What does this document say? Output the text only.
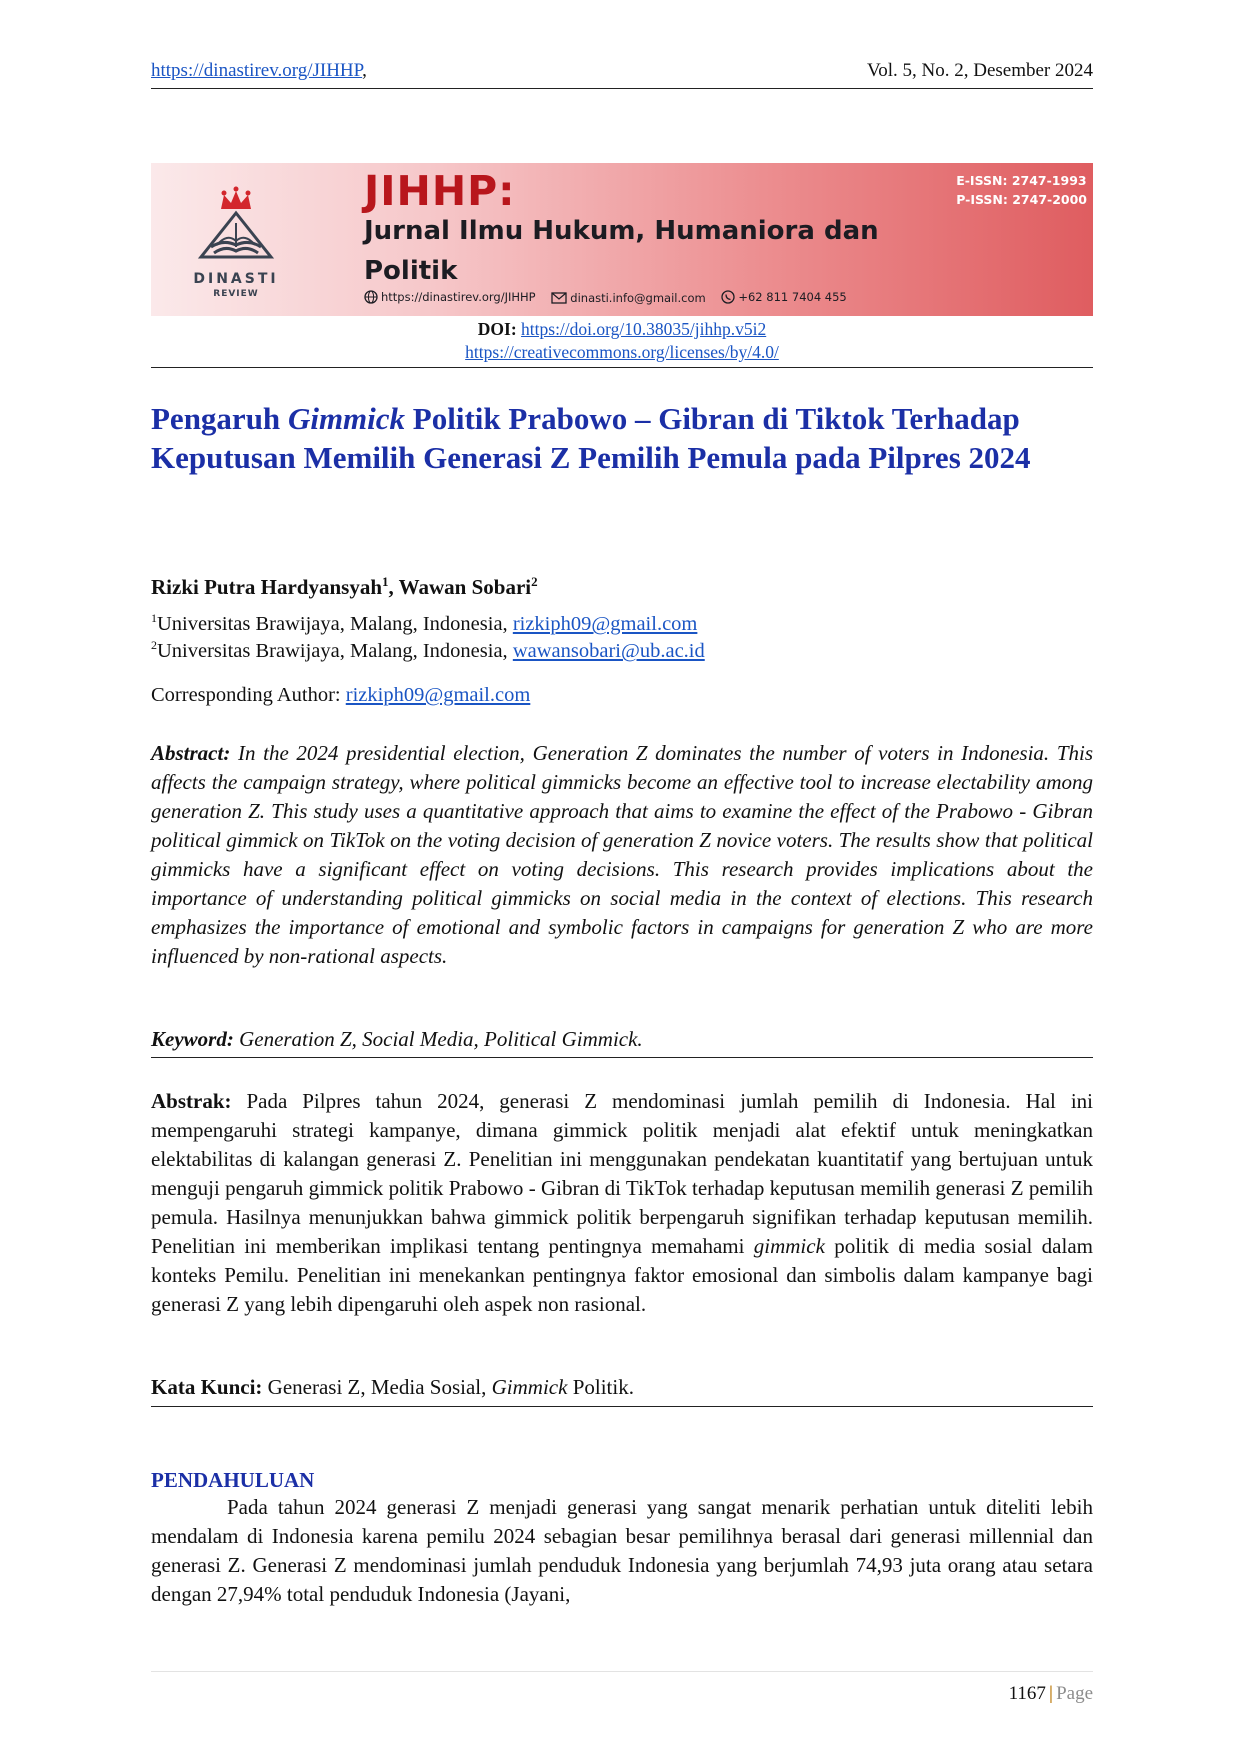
https://dinastirev.org/JIHHP,	Vol. 5, No. 2, Desember 2024
DINASTI
REVIEW
JIHHP:
Jurnal Ilmu Hukum, Humaniora dan Politik
E-ISSN: 2747-1993
P-ISSN: 2747-2000
https://dinastirev.org/JIHHP
	dinasti.info@gmail.com
	+62 811 7404 455
DOI: https://doi.org/10.38035/jihhp.v5i2
https://creativecommons.org/licenses/by/4.0/
Pengaruh Gimmick Politik Prabowo – Gibran di Tiktok Terhadap Keputusan Memilih Generasi Z Pemilih Pemula pada Pilpres 2024
Rizki Putra Hardyansyah$^1$, Wawan Sobari$^2$
$^1$Universitas Brawijaya, Malang, Indonesia, rizkiph09@gmail.com
$^2$Universitas Brawijaya, Malang, Indonesia, wawansobari@ub.ac.id
Corresponding Author: rizkiph09@gmail.com

Abstract: In the 2024 presidential election, Generation Z dominates the number of voters in Indonesia. This affects the campaign strategy, where political gimmicks become an effective tool to increase electability among generation Z. This study uses a quantitative approach that aims to examine the effect of the Prabowo - Gibran political gimmick on TikTok on the voting decision of generation Z novice voters. The results show that political gimmicks have a significant effect on voting decisions. This research provides implications about the importance of understanding political gimmicks on social media in the context of elections. This research emphasizes the importance of emotional and symbolic factors in campaigns for generation Z who are more influenced by non-rational aspects.

Keyword: Generation Z, Social Media, Political Gimmick.

Abstrak: Pada Pilpres tahun 2024, generasi Z mendominasi jumlah pemilih di Indonesia. Hal ini mempengaruhi strategi kampanye, dimana gimmick politik menjadi alat efektif untuk meningkatkan elektabilitas di kalangan generasi Z. Penelitian ini menggunakan pendekatan kuantitatif yang bertujuan untuk menguji pengaruh gimmick politik Prabowo - Gibran di TikTok terhadap keputusan memilih generasi Z pemilih pemula. Hasilnya menunjukkan bahwa gimmick politik berpengaruh signifikan terhadap keputusan memilih. Penelitian ini memberikan implikasi tentang pentingnya memahami gimmick politik di media sosial dalam konteks Pemilu. Penelitian ini menekankan pentingnya faktor emosional dan simbolis dalam kampanye bagi generasi Z yang lebih dipengaruhi oleh aspek non rasional.

Kata Kunci: Generasi Z, Media Sosial, Gimmick Politik.
PENDAHULUAN

Pada tahun 2024 generasi Z menjadi generasi yang sangat menarik perhatian untuk diteliti lebih mendalam di Indonesia karena pemilu 2024 sebagian besar pemilihnya berasal dari generasi millennial dan generasi Z. Generasi Z mendominasi jumlah penduduk Indonesia yang berjumlah 74,93 juta orang atau setara dengan 27,94% total penduduk Indonesia (Jayani,

1167 | Page
